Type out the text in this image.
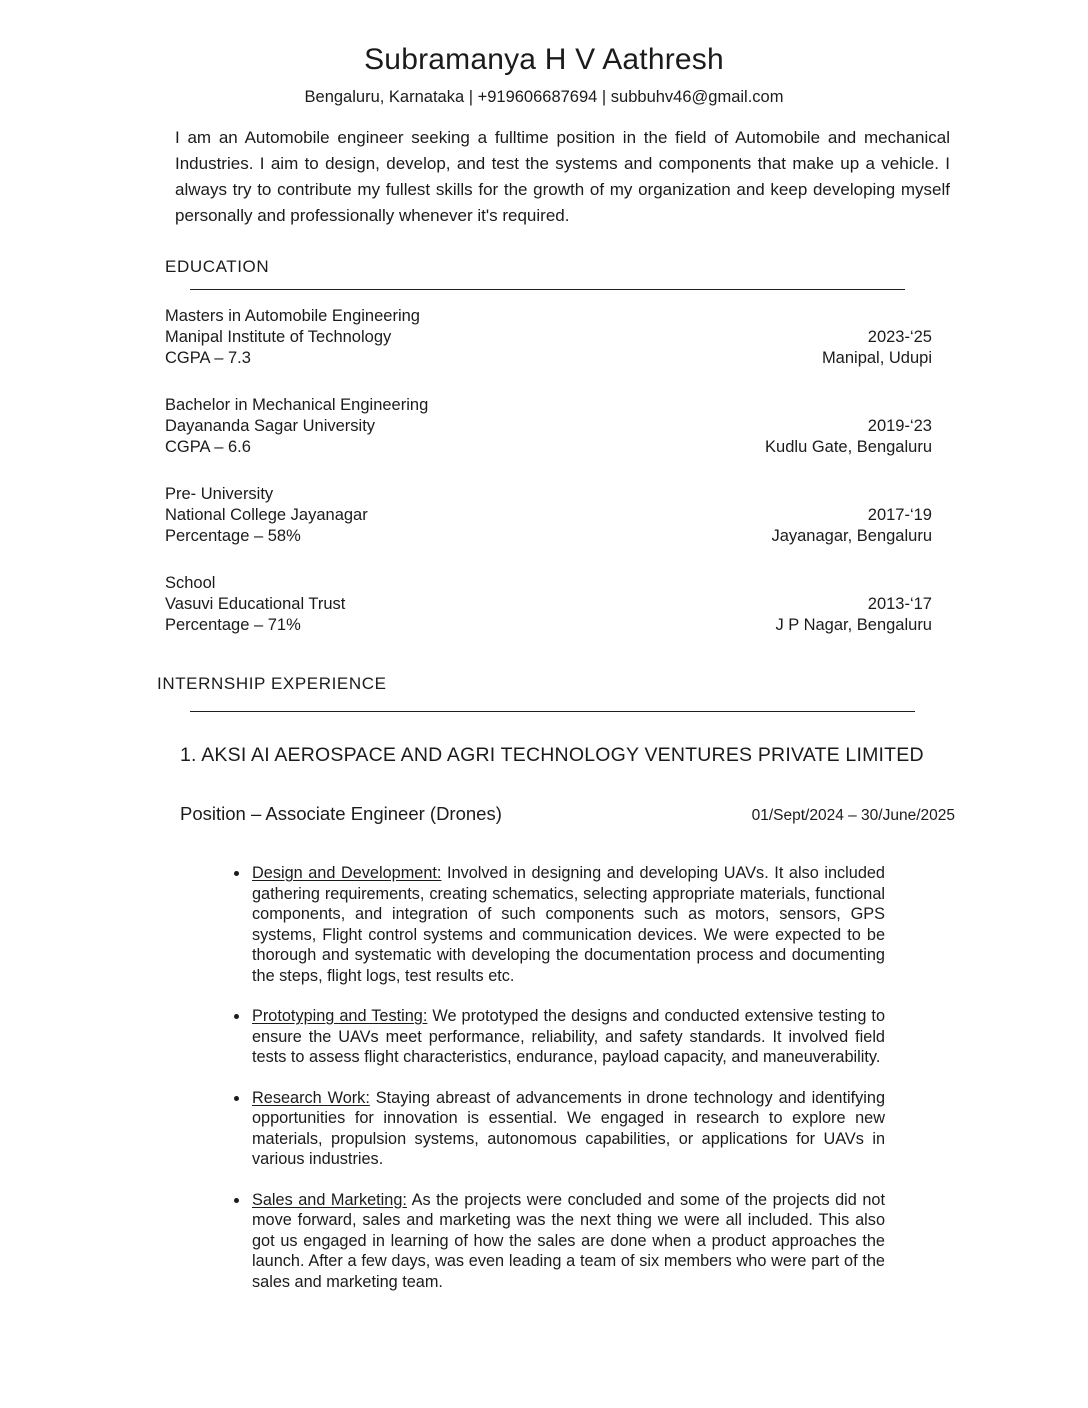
Subramanya H V Aathresh
Bengaluru, Karnataka | +919606687694 | subbuhv46@gmail.com

I am an Automobile engineer seeking a fulltime position in the field of Automobile and mechanical Industries. I aim to design, develop, and test the systems and components that make up a vehicle. I always try to contribute my fullest skills for the growth of my organization and keep developing myself personally and professionally whenever it's required.

EDUCATION
Masters in Automobile Engineering
Manipal Institute of Technology
CGPA – 7.3
2023-‘25
Manipal, Udupi
Bachelor in Mechanical Engineering
Dayananda Sagar University
CGPA – 6.6
2019-‘23
Kudlu Gate, Bengaluru
Pre- University
National College Jayanagar
Percentage – 58%
2017-‘19
Jayanagar, Bengaluru
School
Vasuvi Educational Trust
Percentage – 71%
2013-‘17
J P Nagar, Bengaluru
INTERNSHIP EXPERIENCE
1. AKSI AI AEROSPACE AND AGRI TECHNOLOGY VENTURES PRIVATE LIMITED
Position – Associate Engineer (Drones)	01/Sept/2024 – 30/June/2025
• Design and Development: Involved in designing and developing UAVs. It also included gathering requirements, creating schematics, selecting appropriate materials, functional components, and integration of such components such as motors, sensors, GPS systems, Flight control systems and communication devices. We were expected to be thorough and systematic with developing the documentation process and documenting the steps, flight logs, test results etc.
• Prototyping and Testing: We prototyped the designs and conducted extensive testing to ensure the UAVs meet performance, reliability, and safety standards. It involved field tests to assess flight characteristics, endurance, payload capacity, and maneuverability.
• Research Work: Staying abreast of advancements in drone technology and identifying opportunities for innovation is essential. We engaged in research to explore new materials, propulsion systems, autonomous capabilities, or applications for UAVs in various industries.
• Sales and Marketing: As the projects were concluded and some of the projects did not move forward, sales and marketing was the next thing we were all included. This also got us engaged in learning of how the sales are done when a product approaches the launch. After a few days, was even leading a team of six members who were part of the sales and marketing team.
